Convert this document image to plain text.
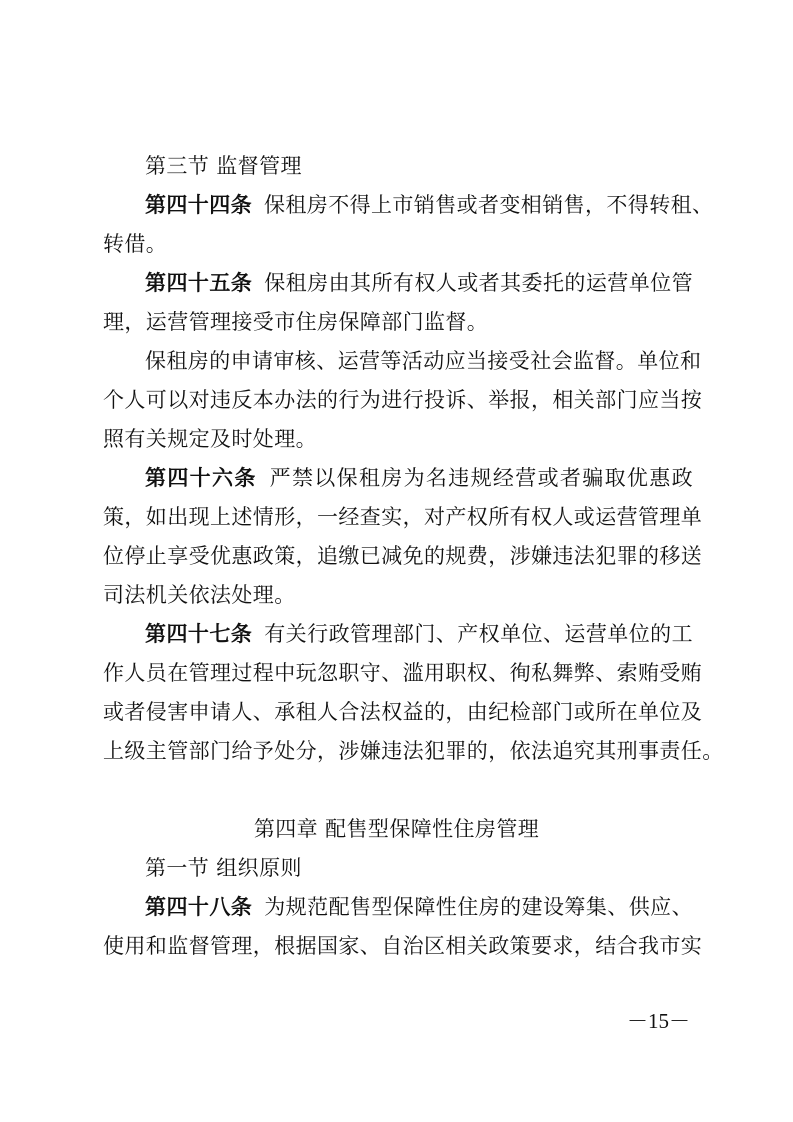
第三节 监督管理
第四十四条 保租房不得上市销售或者变相销售，不得转租、
转借。
第四十五条 保租房由其所有权人或者其委托的运营单位管
理，运营管理接受市住房保障部门监督。
保租房的申请审核、运营等活动应当接受社会监督。单位和
个人可以对违反本办法的行为进行投诉、举报，相关部门应当按
照有关规定及时处理。
第四十六条 严禁以保租房为名违规经营或者骗取优惠政
策，如出现上述情形，一经查实，对产权所有权人或运营管理单
位停止享受优惠政策，追缴已减免的规费，涉嫌违法犯罪的移送
司法机关依法处理。
第四十七条 有关行政管理部门、产权单位、运营单位的工
作人员在管理过程中玩忽职守、滥用职权、徇私舞弊、索贿受贿
或者侵害申请人、承租人合法权益的，由纪检部门或所在单位及
上级主管部门给予处分，涉嫌违法犯罪的，依法追究其刑事责任。
第四章 配售型保障性住房管理
第一节 组织原则
第四十八条 为规范配售型保障性住房的建设筹集、供应、
使用和监督管理，根据国家、自治区相关政策要求，结合我市实
－15－
